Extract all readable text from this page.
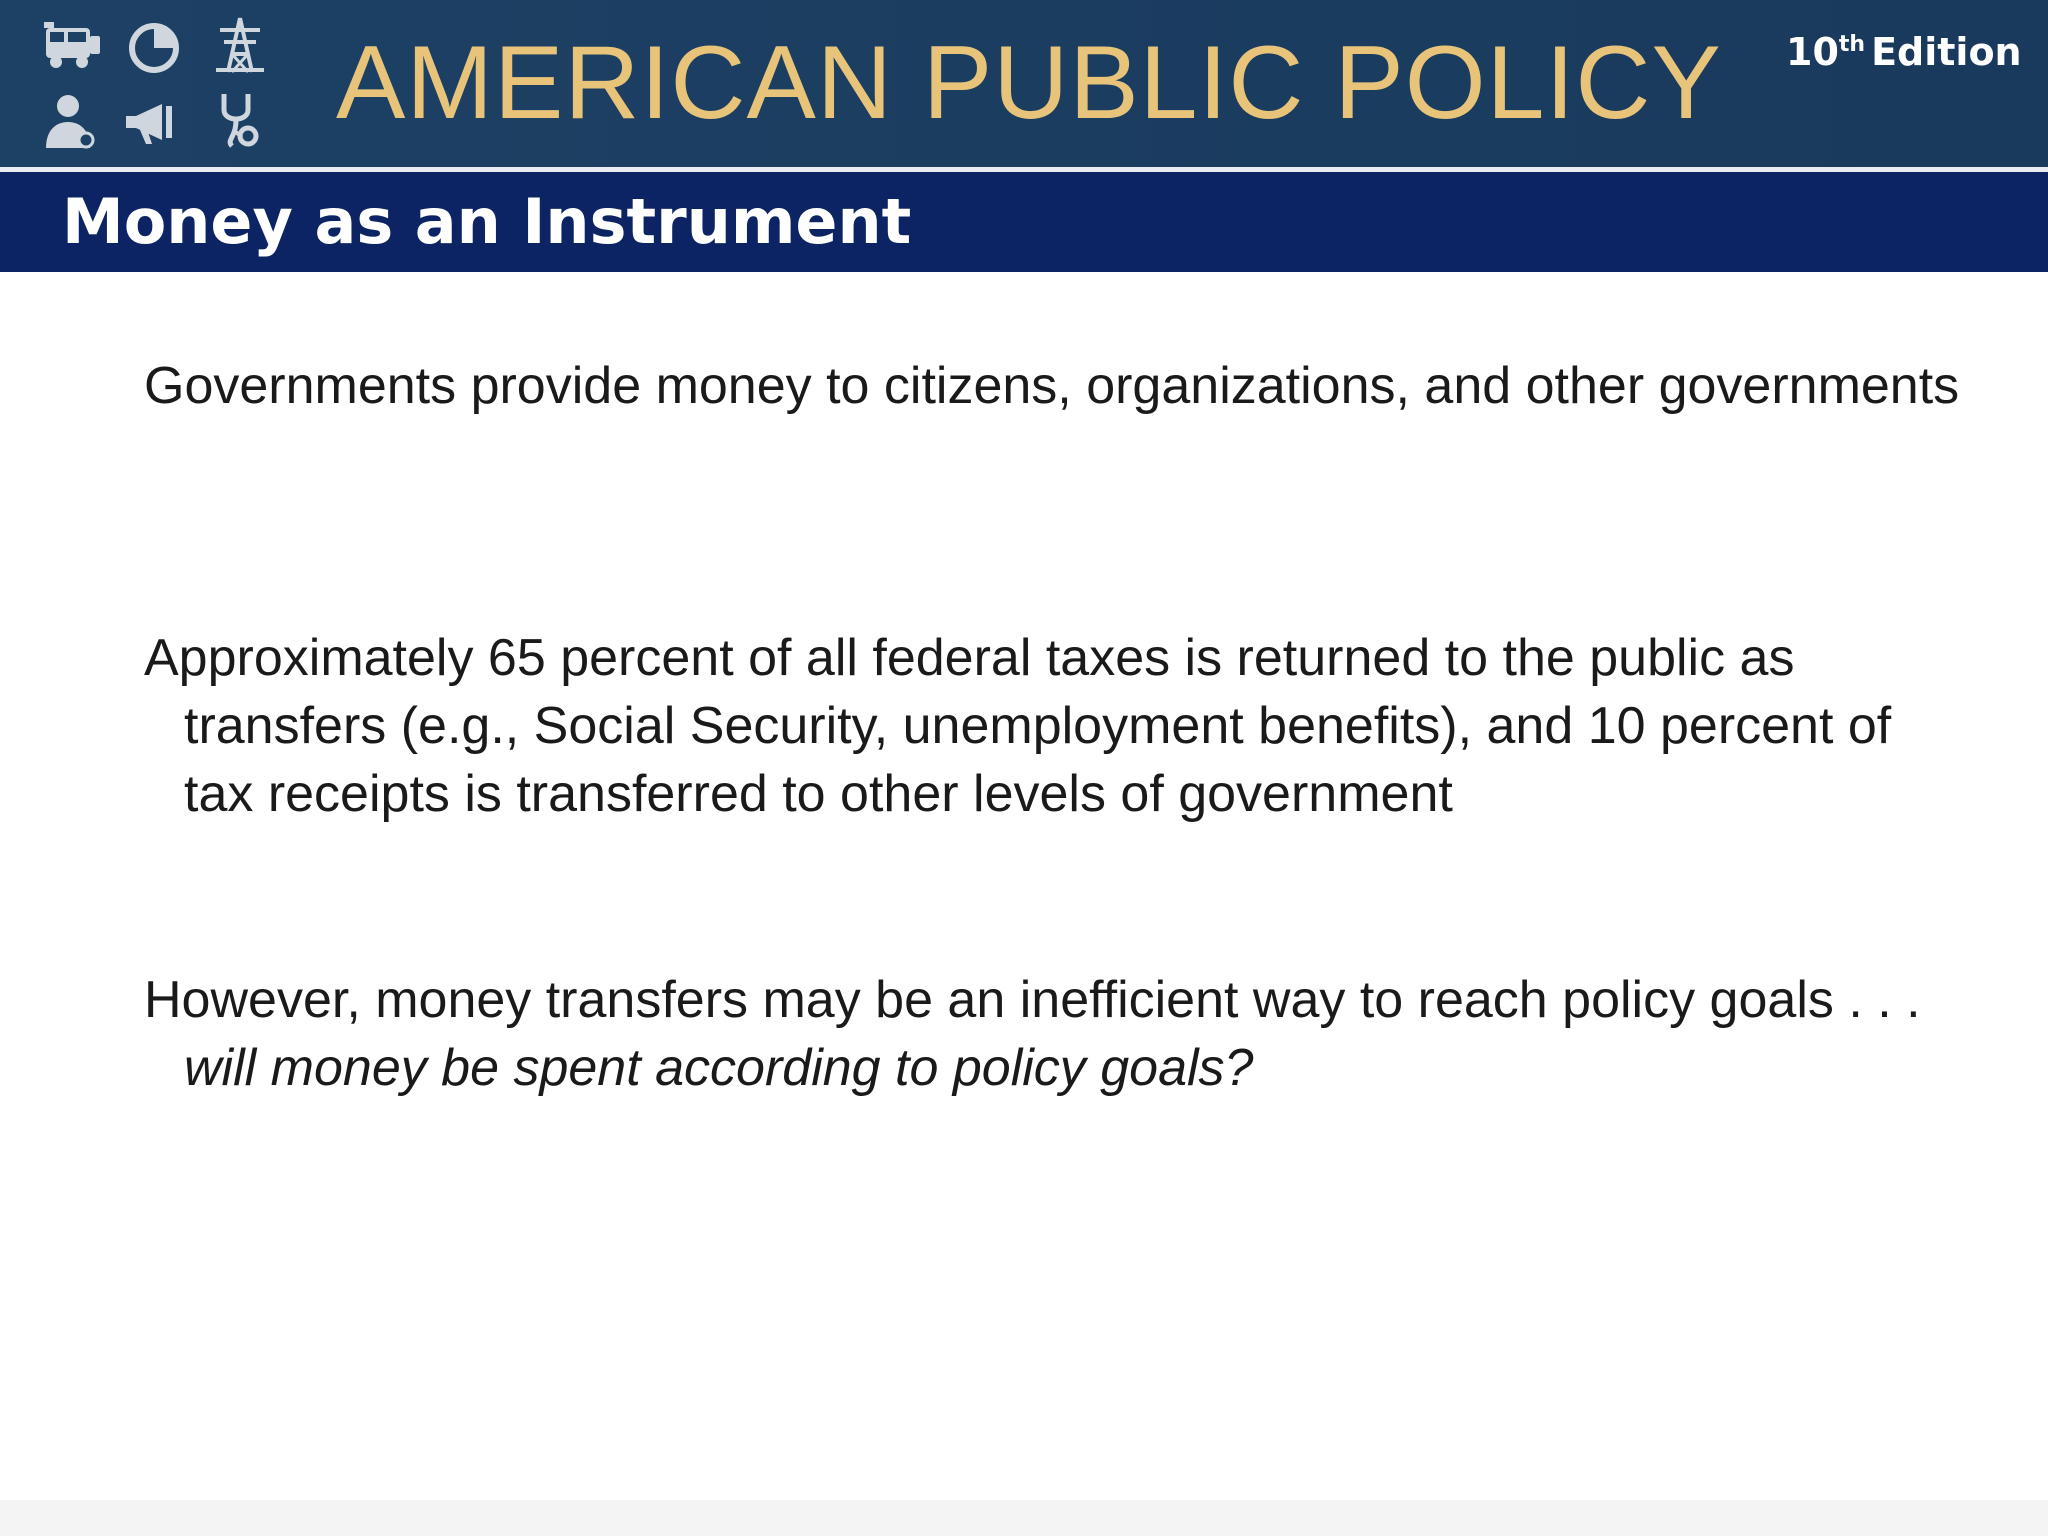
AMERICAN PUBLIC POLICY 10th Edition
Money as an Instrument

Governments provide money to citizens, organizations, and other governments

Approximately 65 percent of all federal taxes is returned to the public as transfers (e.g., Social Security, unemployment benefits), and 10 percent of tax receipts is transferred to other levels of government

However, money transfers may be an inefficient way to reach policy goals . . . will money be spent according to policy goals?
